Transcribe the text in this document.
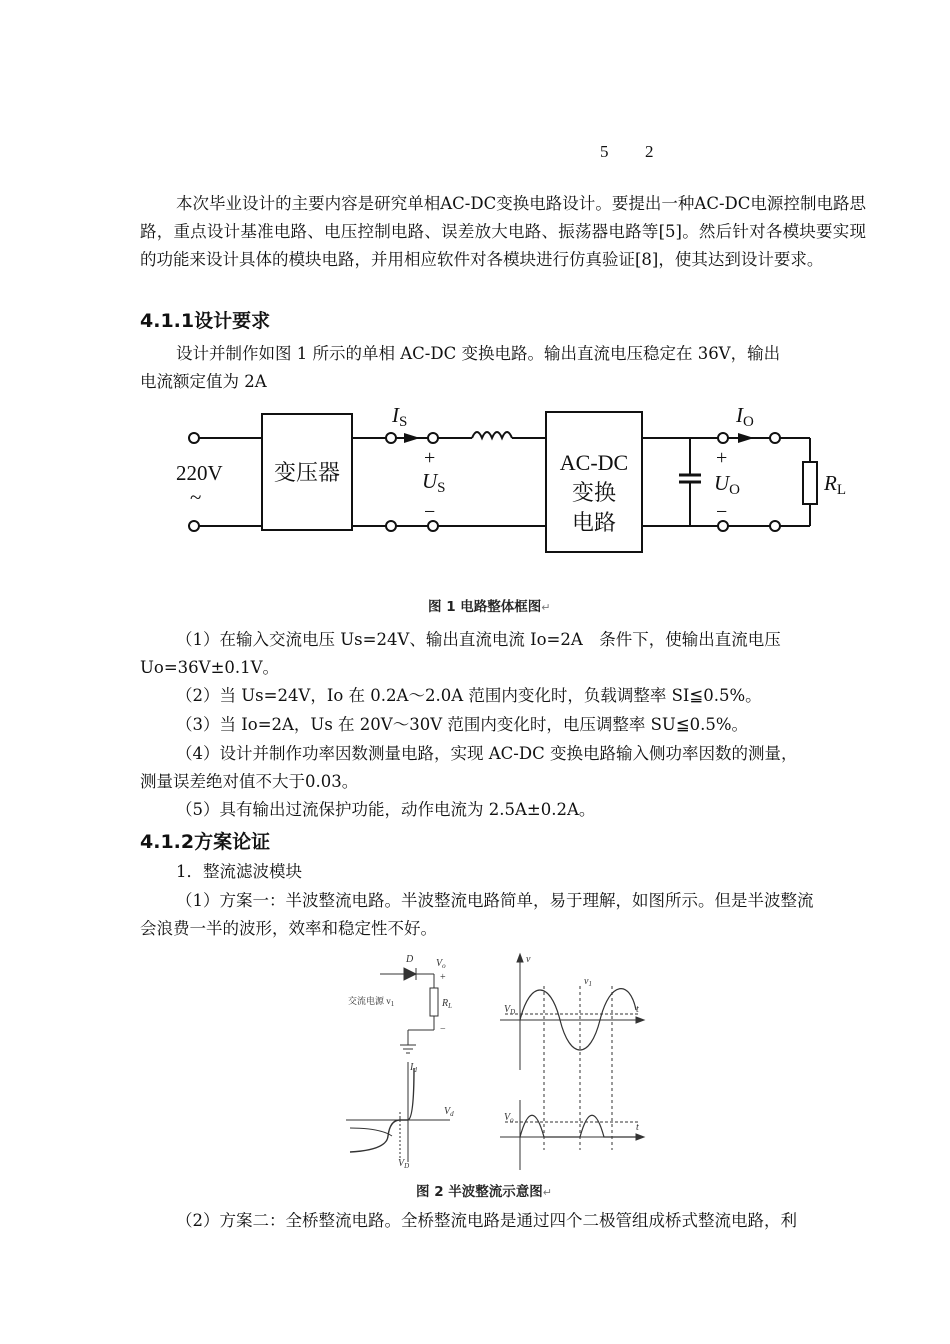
5 2

本次毕业设计的主要内容是研究单相AC-DC变换电路设计。要提出一种AC-DC电源控制电路思路，重点设计基准电路、电压控制电路、误差放大电路、振荡器电路等[5]。然后针对各模块要实现的功能来设计具体的模块电路，并用相应软件对各模块进行仿真验证[8]，使其达到设计要求。

4.1.1设计要求
设计并制作如图 1 所示的单相 AC-DC 变换电路。输出直流电压稳定在 36V，输出
电流额定值为 2A
220V
~
变压器
IS
+
US
−
AC-DC
变换
电路
IO
+
UO
−
RL
图 1 电路整体框图↵
（1）在输入交流电压 Us=24V、输出直流电流 Io=2A　条件下，使输出直流电压
Uo=36V±0.1V。
（2）当 Us=24V，Io 在 0.2A～2.0A 范围内变化时，负载调整率 SI≦0.5%。
（3）当 Io=2A，Us 在 20V～30V 范围内变化时，电压调整率 SU≦0.5%。
（4）设计并制作功率因数测量电路，实现 AC-DC 变换电路输入侧功率因数的测量，
测量误差绝对值不大于0.03。
（5）具有输出过流保护功能，动作电流为 2.5A±0.2A。
4.1.2方案论证
1．整流滤波模块
（1）方案一：半波整流电路。半波整流电路简单，易于理解，如图所示。但是半波整流
会浪费一半的波形，效率和稳定性不好。
D
交流电源 $v_1$
$V_o$
+
$R_L$
−
v
t
t
$v_1$
$V_D$
$V_o$
$I_d$
$V_d$
$V_D$
图 2 半波整流示意图↵
（2）方案二：全桥整流电路。全桥整流电路是通过四个二极管组成桥式整流电路，利
